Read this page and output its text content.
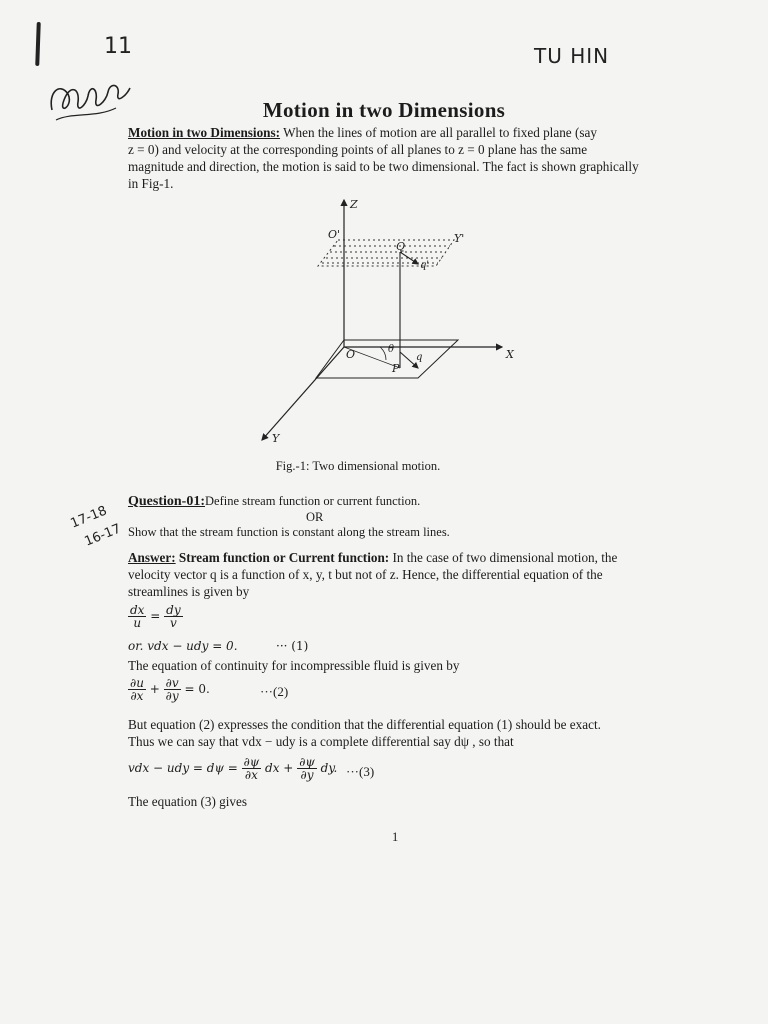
11	TU HIN
Motion in two Dimensions
Motion in two Dimensions: When the lines of motion are all parallel to fixed plane (say
z = 0) and velocity at the corresponding points of all planes to z = 0 plane has the same
magnitude and direction, the motion is said to be two dimensional. The fact is shown graphically
in Fig-1.
Z
O'
Q
Y'
q'
O	θ
q
P
X
Y
Fig.-1: Two dimensional motion.
Question-01:Define stream function or current function.
OR
Show that the stream function is constant along the stream lines.
17-18
16-17
Answer: Stream function or Current function: In the case of two dimensional motion, the
velocity vector q is a function of x, y, t but not of z. Hence, the differential equation of the
streamlines is given by
$\frac{dx}{u} = \frac{dy}{v}$
or. vdx − udy = 0.	··· (1)
The equation of continuity for incompressible fluid is given by
$\frac{\partial u}{\partial x} + \frac{\partial v}{\partial y} = 0$.	···(2)
But equation (2) expresses the condition that the differential equation (1) should be exact.
Thus we can say that vdx − udy is a complete differential say dψ , so that
vdx − udy = $d\psi = \frac{\partial\psi}{\partial x}$ dx + $\frac{\partial\psi}{\partial y}$ dy. ···(3)
The equation (3) gives
1
